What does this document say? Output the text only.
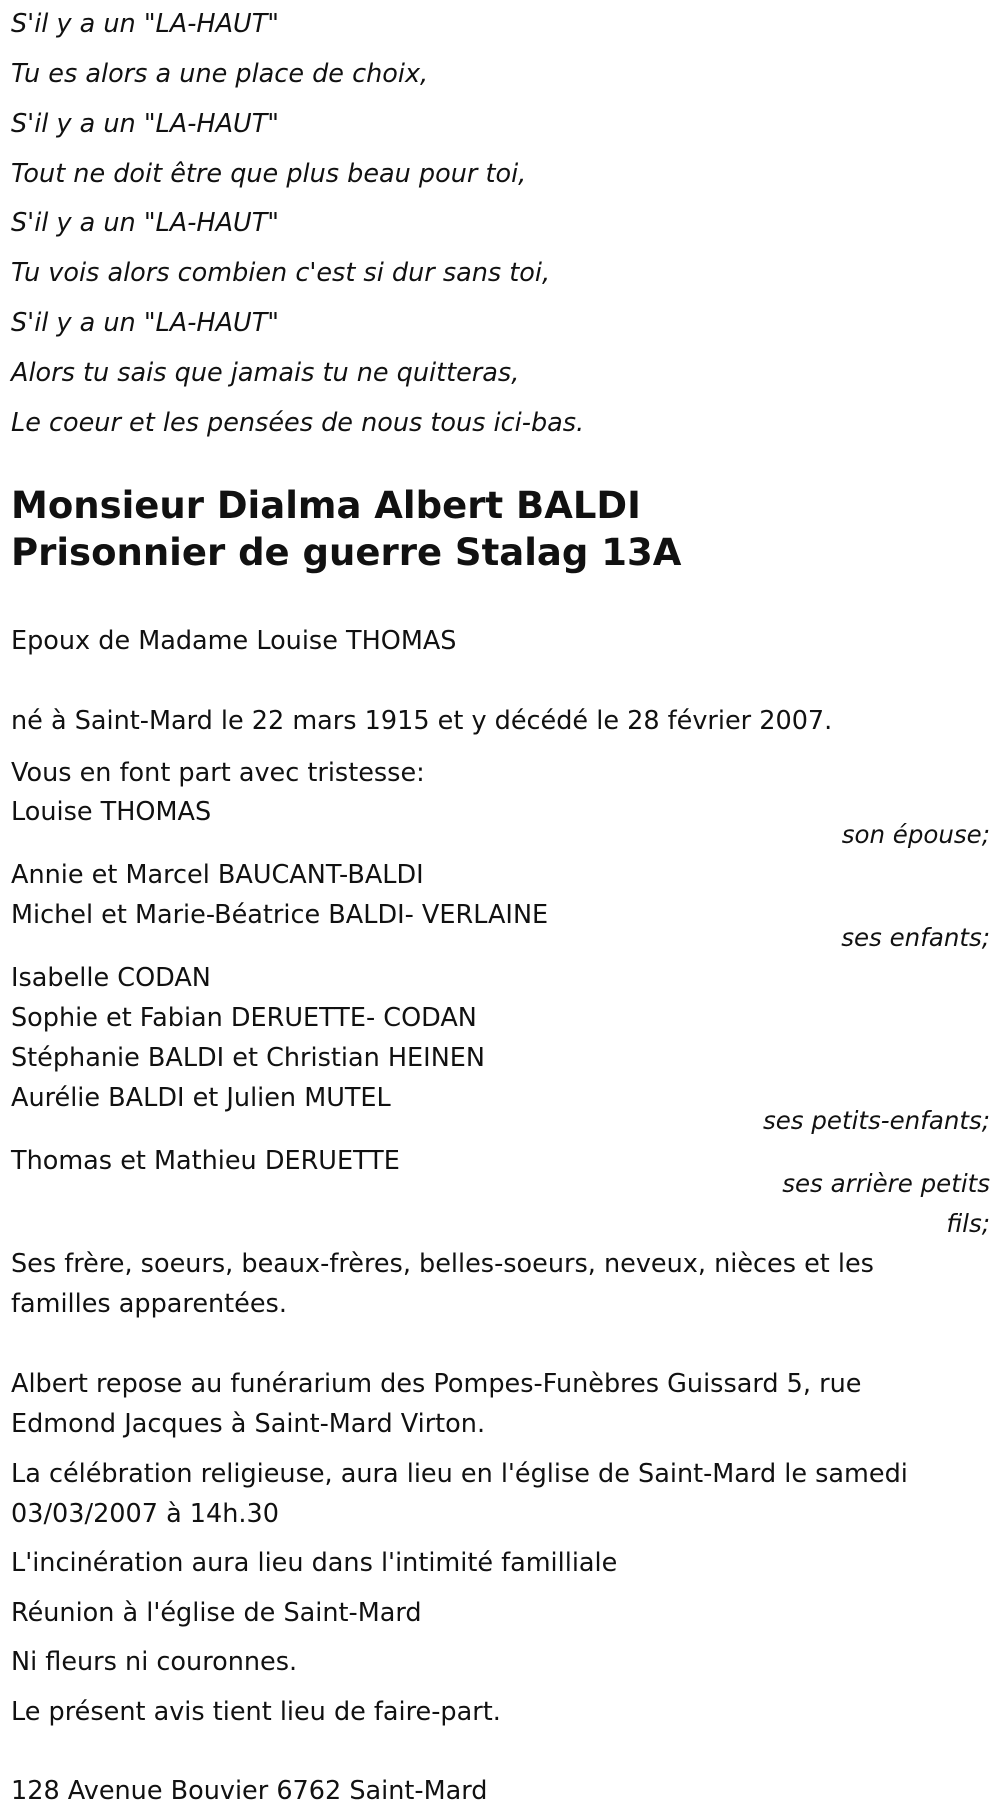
S'il y a un "LA-HAUT"
Tu es alors a une place de choix,
S'il y a un "LA-HAUT"
Tout ne doit être que plus beau pour toi,
S'il y a un "LA-HAUT"
Tu vois alors combien c'est si dur sans toi,
S'il y a un "LA-HAUT"
Alors tu sais que jamais tu ne quitteras,
Le coeur et les pensées de nous tous ici-bas.
Monsieur Dialma Albert BALDI
Prisonnier de guerre Stalag 13A
Epoux de Madame Louise THOMAS
né à Saint-Mard le 22 mars 1915 et y décédé le 28 février 2007.
Vous en font part avec tristesse:
Louise THOMAS
son épouse;
Annie et Marcel BAUCANT-BALDI
Michel et Marie-Béatrice BALDI- VERLAINE
ses enfants;
Isabelle CODAN
Sophie et Fabian DERUETTE- CODAN
Stéphanie BALDI et Christian HEINEN
Aurélie BALDI et Julien MUTEL
ses petits-enfants;
Thomas et Mathieu DERUETTE
ses arrière petits
fils;
Ses frère, soeurs, beaux-frères, belles-soeurs, neveux, nièces et les
familles apparentées.
Albert repose au funérarium des Pompes-Funèbres Guissard 5, rue
Edmond Jacques à Saint-Mard Virton.
La célébration religieuse, aura lieu en l'église de Saint-Mard le samedi
03/03/2007 à 14h.30
L'incinération aura lieu dans l'intimité familliale
Réunion à l'église de Saint-Mard
Ni fleurs ni couronnes.
Le présent avis tient lieu de faire-part.
128 Avenue Bouvier 6762 Saint-Mard
